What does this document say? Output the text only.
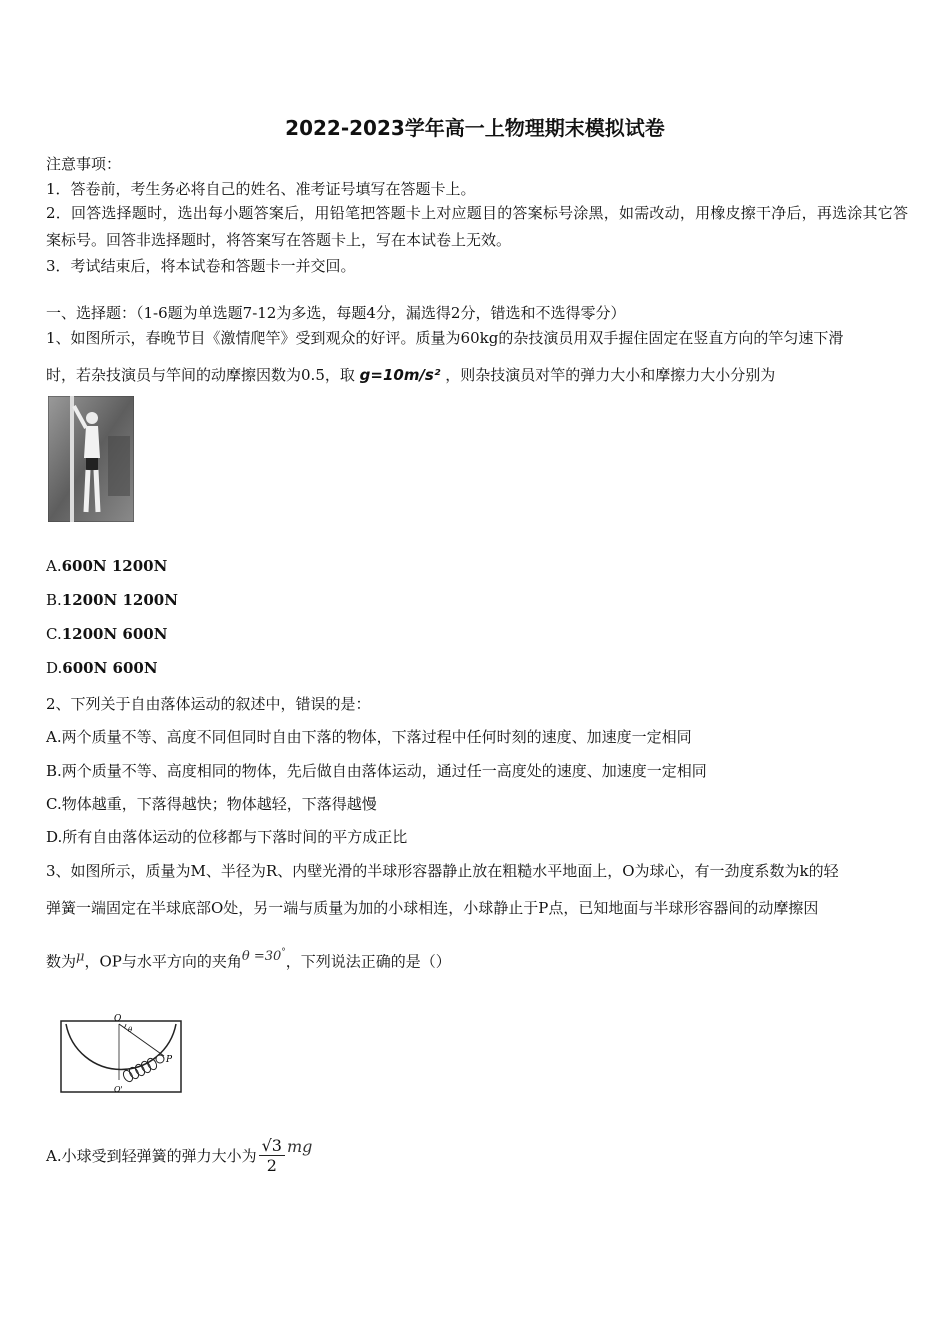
2022-2023学年高一上物理期末模拟试卷
注意事项：
1．答卷前，考生务必将自己的姓名、准考证号填写在答题卡上。
2．回答选择题时，选出每小题答案后，用铅笔把答题卡上对应题目的答案标号涂黑，如需改动，用橡皮擦干净后，再选涂其它答案标号。回答非选择题时，将答案写在答题卡上，写在本试卷上无效。
3．考试结束后，将本试卷和答题卡一并交回。
一、选择题：（1-6题为单选题7-12为多选，每题4分，漏选得2分，错选和不选得零分）
1、如图所示，春晚节目《激情爬竿》受到观众的好评。质量为60kg的杂技演员用双手握住固定在竖直方向的竿匀速下滑
时，若杂技演员与竿间的动摩擦因数为0.5，取 g=10m/s² ，则杂技演员对竿的弹力大小和摩擦力大小分别为
A.600N 1200N
B.1200N 1200N
C.1200N 600N
D.600N 600N
2、下列关于自由落体运动的叙述中，错误的是：
A.两个质量不等、高度不同但同时自由下落的物体，下落过程中任何时刻的速度、加速度一定相同
B.两个质量不等、高度相同的物体，先后做自由落体运动，通过任一高度处的速度、加速度一定相同
C.物体越重，下落得越快；物体越轻，下落得越慢
D.所有自由落体运动的位移都与下落时间的平方成正比
3、如图所示，质量为M、半径为R、内壁光滑的半球形容器静止放在粗糙水平地面上，O为球心，有一劲度系数为k的轻
弹簧一端固定在半球底部O处，另一端与质量为加的小球相连，小球静止于P点，已知地面与半球形容器间的动摩擦因
数为$^\mu$，OP与水平方向的夹角$^{\theta =30^\circ}$，下列说法正确的是（）
O
θ
P
O'
A.小球受到轻弹簧的弹力大小为 $\frac{√3}{2}$ mg
